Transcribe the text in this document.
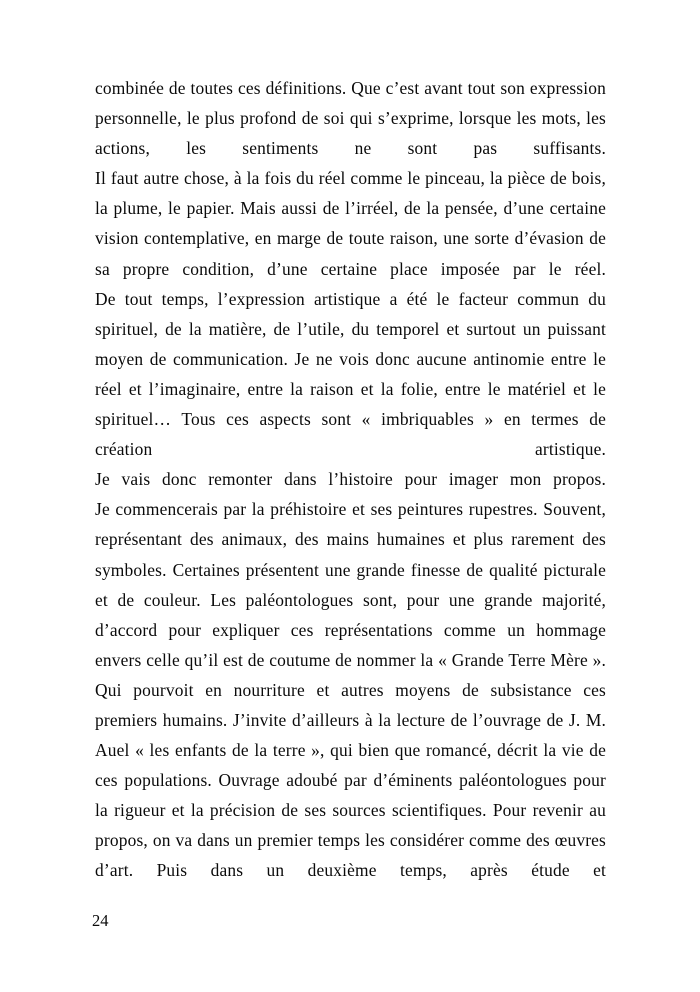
combinée de toutes ces définitions. Que c’est avant tout son expression personnelle, le plus profond de soi qui s’exprime, lorsque les mots, les actions, les sentiments ne sont pas suffisants.

Il faut autre chose, à la fois du réel comme le pinceau, la pièce de bois, la plume, le papier. Mais aussi de l’irréel, de la pensée, d’une certaine vision contemplative, en marge de toute raison, une sorte d’évasion de sa propre condition, d’une certaine place imposée par le réel.

De tout temps, l’expression artistique a été le facteur commun du spirituel, de la matière, de l’utile, du temporel et surtout un puissant moyen de communication. Je ne vois donc aucune antinomie entre le réel et l’imaginaire, entre la raison et la folie, entre le matériel et le spirituel… Tous ces aspects sont « imbriquables » en termes de création artistique.

Je vais donc remonter dans l’histoire pour imager mon propos.

Je commencerais par la préhistoire et ses peintures rupestres. Souvent, représentant des animaux, des mains humaines et plus rarement des symboles. Certaines présentent une grande finesse de qualité picturale et de couleur. Les paléontologues sont, pour une grande majorité, d’accord pour expliquer ces représentations comme un hommage envers celle qu’il est de coutume de nommer la « Grande Terre Mère ». Qui pourvoit en nourriture et autres moyens de subsistance ces premiers humains. J’invite d’ailleurs à la lecture de l’ouvrage de J. M. Auel « les enfants de la terre », qui bien que romancé, décrit la vie de ces populations. Ouvrage adoubé par d’éminents paléontologues pour la rigueur et la précision de ses sources scientifiques. Pour revenir au propos, on va dans un premier temps les considérer comme des œuvres d’art. Puis dans un deuxième temps, après étude et

24
